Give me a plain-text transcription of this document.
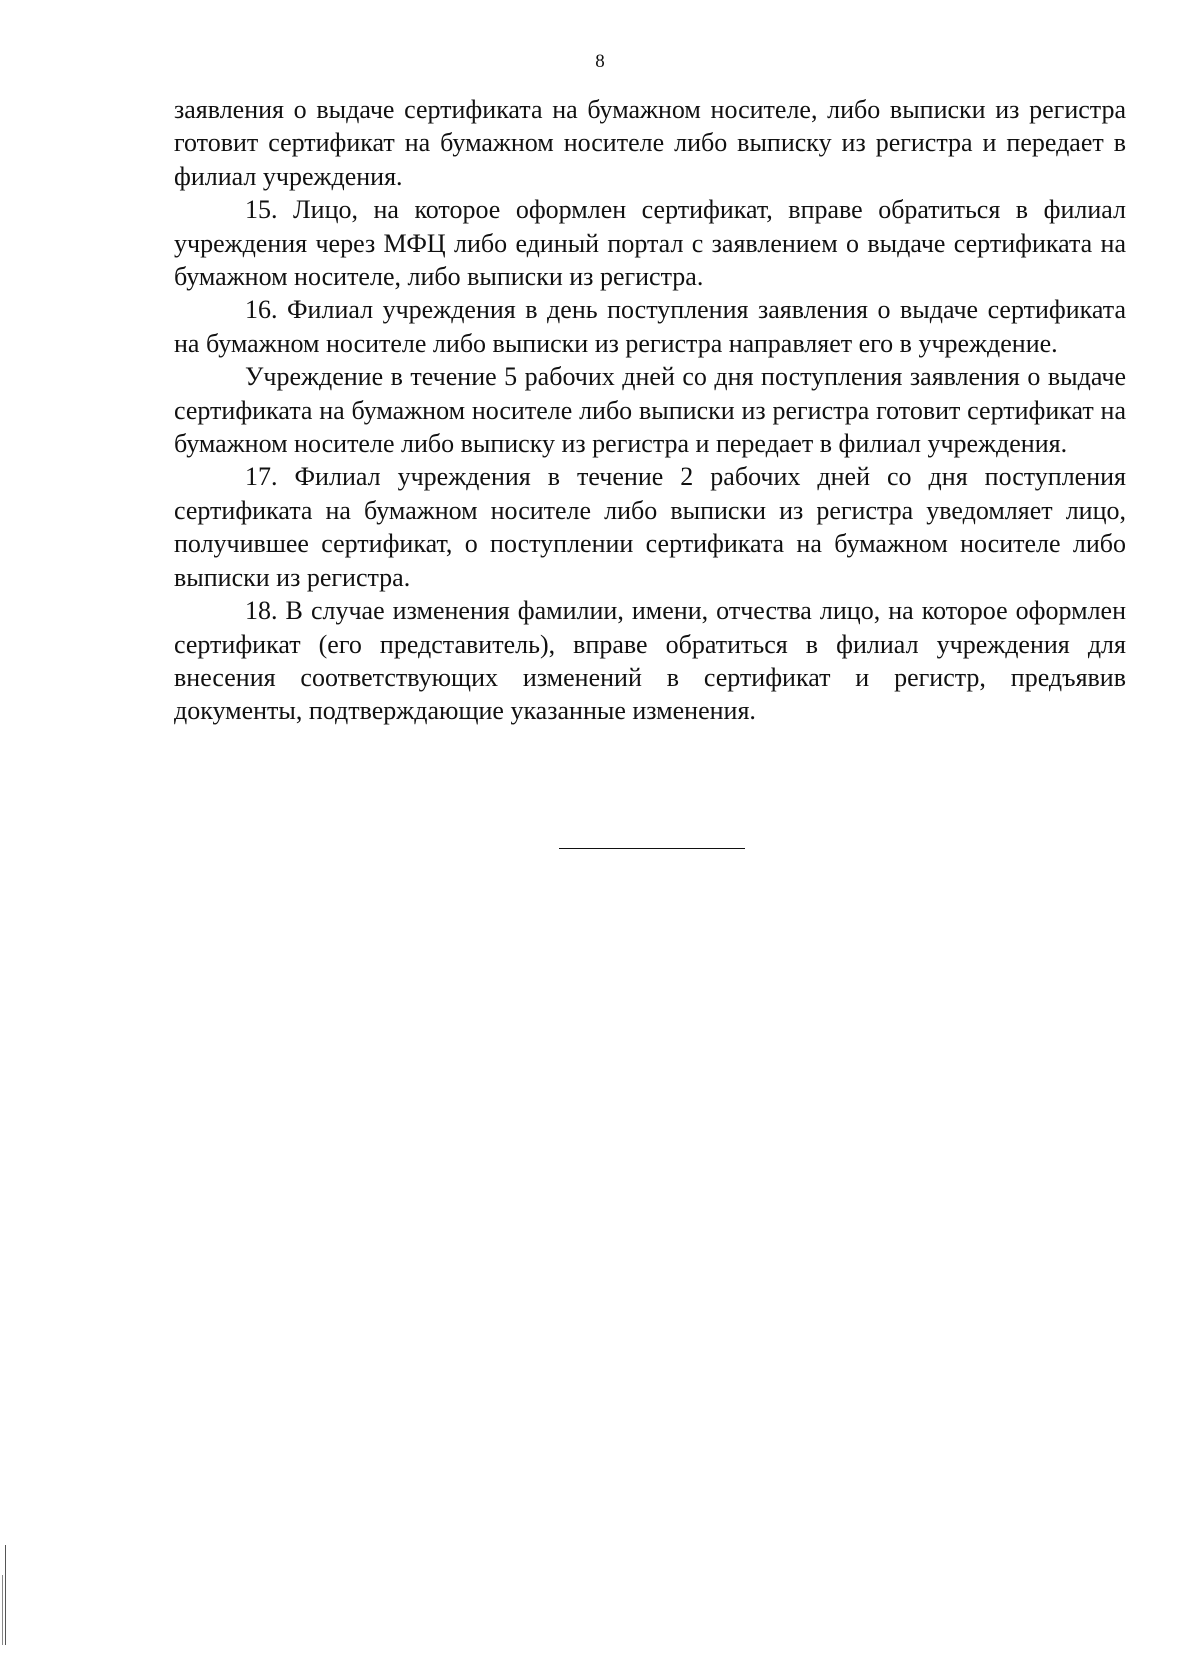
8

заявления о выдаче сертификата на бумажном носителе, либо выписки из регистра готовит сертификат на бумажном носителе либо выписку из регистра и передает в филиал учреждения.

15. Лицо, на которое оформлен сертификат, вправе обратиться в филиал учреждения через МФЦ либо единый портал с заявлением о выдаче сертификата на бумажном носителе, либо выписки из регистра.

16. Филиал учреждения в день поступления заявления о выдаче сертификата на бумажном носителе либо выписки из регистра направляет его в учреждение.

Учреждение в течение 5 рабочих дней со дня поступления заявления о выдаче сертификата на бумажном носителе либо выписки из регистра готовит сертификат на бумажном носителе либо выписку из регистра и передает в филиал учреждения.

17. Филиал учреждения в течение 2 рабочих дней со дня поступления сертификата на бумажном носителе либо выписки из регистра уведомляет лицо, получившее сертификат, о поступлении сертификата на бумажном носителе либо выписки из регистра.

18. В случае изменения фамилии, имени, отчества лицо, на которое оформлен сертификат (его представитель), вправе обратиться в филиал учреждения для внесения соответствующих изменений в сертификат и регистр, предъявив документы, подтверждающие указанные изменения.
